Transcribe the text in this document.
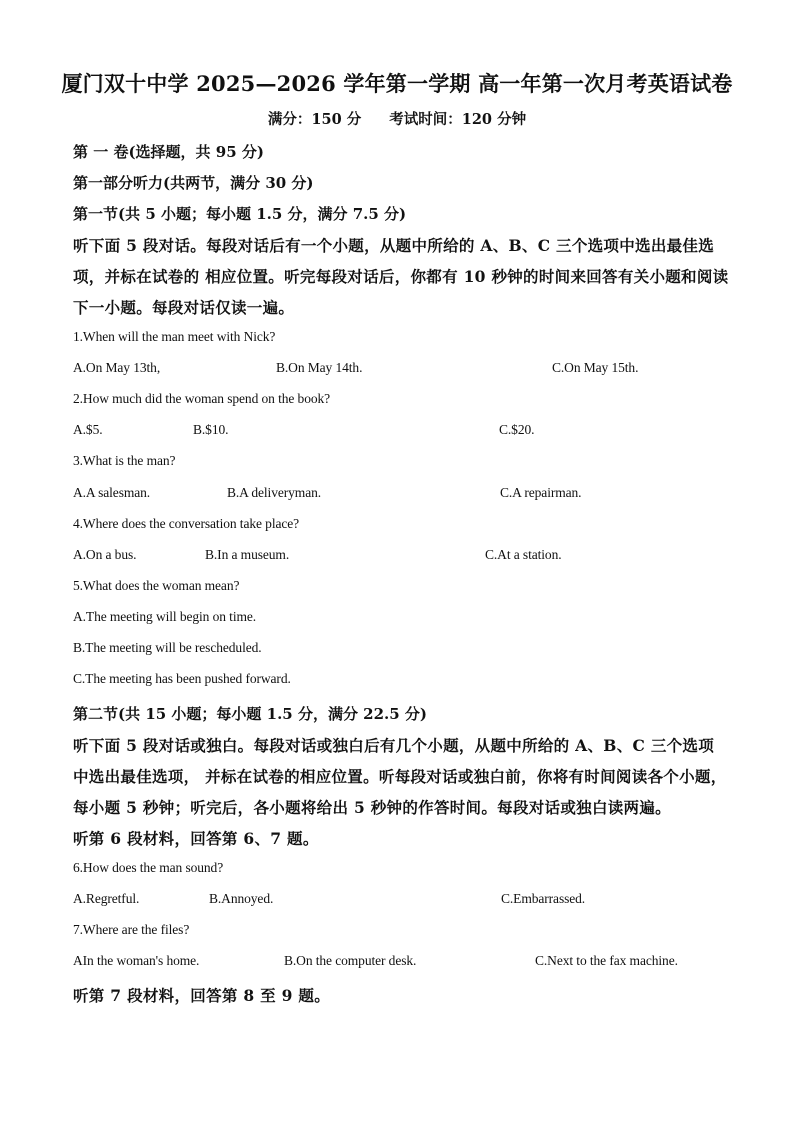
厦门双十中学 2025—2026 学年第一学期 高一年第一次月考英语试卷
满分：150 分 考试时间：120 分钟
第 一 卷(选择题，共 95 分)
第一部分听力(共两节，满分 30 分)
第一节(共 5 小题；每小题 1.5 分，满分 7.5 分)
听下面 5 段对话。每段对话后有一个小题，从题中所给的 A、B、C 三个选项中选出最佳选
项，并标在试卷的 相应位置。听完每段对话后，你都有 10 秒钟的时间来回答有关小题和阅读
下一小题。每段对话仅读一遍。
1.When will the man meet with Nick?
A.On May 13th,	B.On May 14th.	C.On May 15th.
2.How much did the woman spend on the book?
A.$5.	B.$10.	C.$20.
3.What is the man?
A.A salesman.	B.A deliveryman.	C.A repairman.
4.Where does the conversation take place?
A.On a bus.	B.In a museum.	C.At a station.
5.What does the woman mean?
A.The meeting will begin on time.
B.The meeting will be rescheduled.
C.The meeting has been pushed forward.
第二节(共 15 小题；每小题 1.5 分，满分 22.5 分)
听下面 5 段对话或独白。每段对话或独白后有几个小题，从题中所给的 A、B、C 三个选项
中选出最佳选项， 并标在试卷的相应位置。听每段对话或独白前，你将有时间阅读各个小题，
每小题 5 秒钟；听完后，各小题将给出 5 秒钟的作答时间。每段对话或独白读两遍。
听第 6 段材料，回答第 6、7 题。
6.How does the man sound?
A.Regretful.	B.Annoyed.	C.Embarrassed.
7.Where are the files?
AIn the woman's home.	B.On the computer desk.	C.Next to the fax machine.
听第 7 段材料，回答第 8 至 9 题。
